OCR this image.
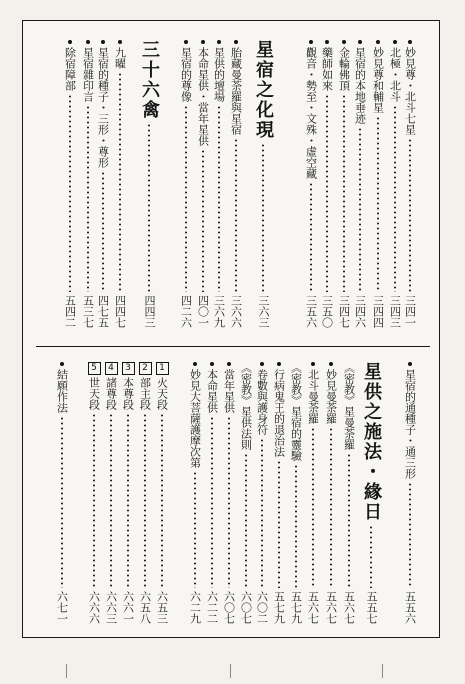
妙見尊・北斗七星
三四一
北極・北斗
三四三
妙見尊和輔星
三四四
星宿的本地垂迹
三四六
金輪佛頂
三四七
藥師如來
三五〇
觀音・勢至・文殊・虛空藏
三五六
星宿之化現
三六三
胎藏曼荼羅與星宿
三六六
星供的壇場
三六九
本命星供・當年星供
四〇一
星宿的尊像
四二六
三十六禽
四四三
九曜
四四七
星宿的種子・三形・尊形
四七五
星宿雜印言
五三七
除宿障部
五四二
星宿的通種子・通三形
五五六
星供之施法・緣日
五五七
《密教》星曼荼羅
五六七
妙見曼荼羅
五六七
北斗曼荼羅
五六七
《密教》星宿的靈驗
五七九
行病鬼王的退治法
五七九
卷數與護身符
六〇二
《密教》星供法則
六〇七
當年星供
六〇七
本命星供
六二二
妙見大菩薩護摩次第
六二九
1
火天段
六五三
2
部主段
六五八
3
本尊段
六六一
4
諸尊段
六六三
5
世天段
六六六
結願作法
六七一
